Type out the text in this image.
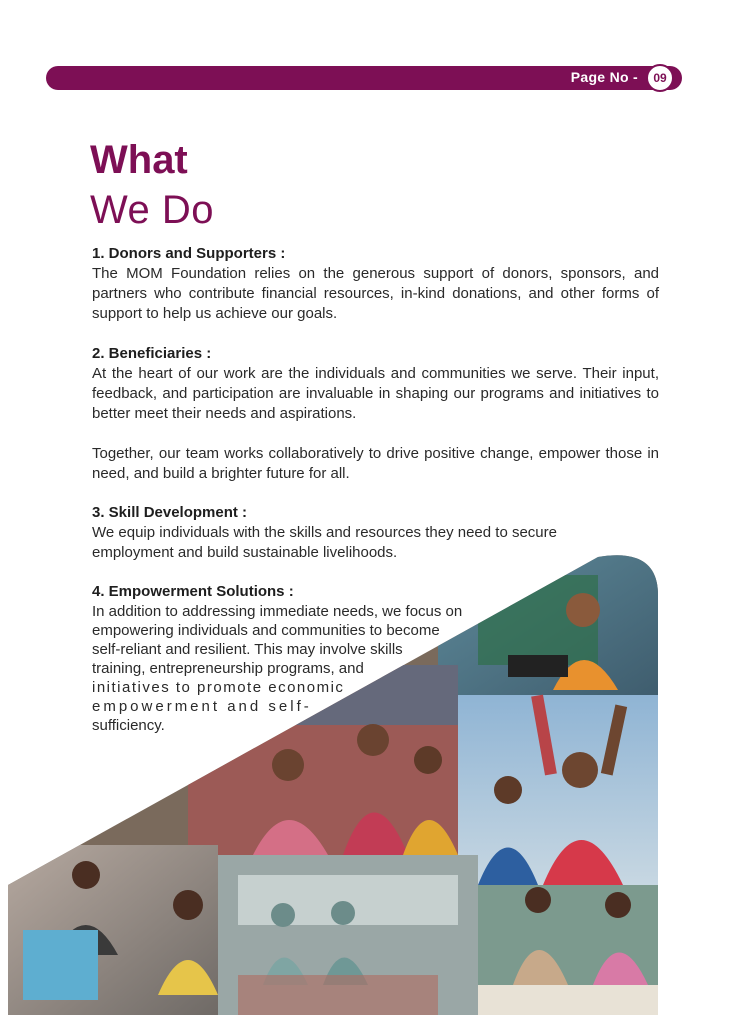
Page No -	09
What
We Do
1. Donors and Supporters :
The MOM Foundation relies on the generous support of donors, sponsors, and partners who contribute financial resources, in-kind donations, and other forms of support to help us achieve our goals.
2. Beneficiaries :
At the heart of our work are the individuals and communities we serve. Their input, feedback, and participation are invaluable in shaping our programs and initiatives to better meet their needs and aspirations.
Together, our team works collaboratively to drive positive change, empower those in need, and build a brighter future for all.
3. Skill Development :
We equip individuals with the skills and resources they need to secure employment and build sustainable livelihoods.
4. Empowerment Solutions :
In addition to addressing immediate needs, we focus on
empowering individuals and communities to become
self-reliant and resilient. This may involve skills
training, entrepreneurship programs, and
initiatives to promote economic
empowerment and self-
sufficiency.
